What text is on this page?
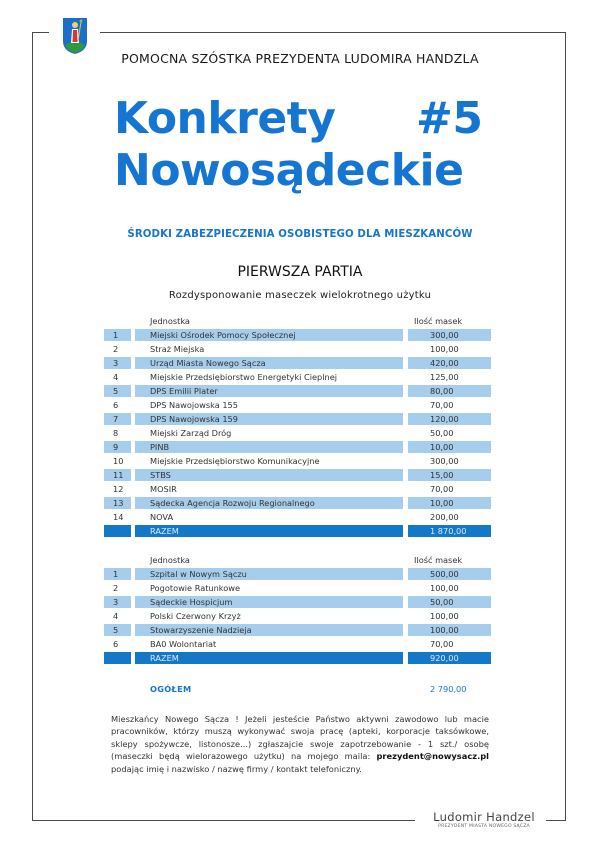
POMOCNA SZÓSTKA PREZYDENTA LUDOMIRA HANDZLA
Konkrety #5
Nowosądeckie
ŚRODKI ZABEZPIECZENIA OSOBISTEGO DLA MIESZKANCÓW
PIERWSZA PARTIA
Rozdysponowanie maseczek wielokrotnego użytku
Jednostka	Ilość masek
1	Miejski Ośrodek Pomocy Społecznej	300,00
2	Straż Miejska	100,00
3	Urząd Miasta Nowego Sącza	420,00
4	Miejskie Przedsiębiorstwo Energetyki Cieplnej	125,00
5	DPS Emilii Plater	80,00
6	DPS Nawojowska 155	70,00
7	DPS Nawojowska 159	120,00
8	Miejski Zarząd Dróg	50,00
9	PINB	10,00
10	Miejskie Przedsiębiorstwo Komunikacyjne	300,00
11	STBS	15,00
12	MOSIR	70,00
13	Sądecka Agencja Rozwoju Regionalnego	10,00
14	NOVA	200,00
RAZEM	1 870,00
Jednostka	Ilość masek
1	Szpital w Nowym Sączu	500,00
2	Pogotowie Ratunkowe	100,00
3	Sądeckie Hospicjum	50,00
4	Polski Czerwony Krzyż	100,00
5	Stowarzyszenie Nadzieja	100,00
6	BA0 Wolontariat	70,00
RAZEM	920,00
OGÓŁEM	2 790,00
Mieszkańcy Nowego Sącza ! Jeżeli jesteście Państwo aktywni zawodowo lub macie pracowników, którzy muszą wykonywać swoja pracę (apteki, korporacje taksówkowe, sklepy spożywcze, listonosze...) zgłaszajcie swoje zapotrzebowanie - 1 szt./ osobę (maseczki będą wielorazowego użytku) na mojego maila: prezydent@nowysacz.pl podając imię i nazwisko / nazwę firmy / kontakt telefoniczny.
Ludomir Handzel
PREZYDENT MIASTA NOWEGO SĄCZA
